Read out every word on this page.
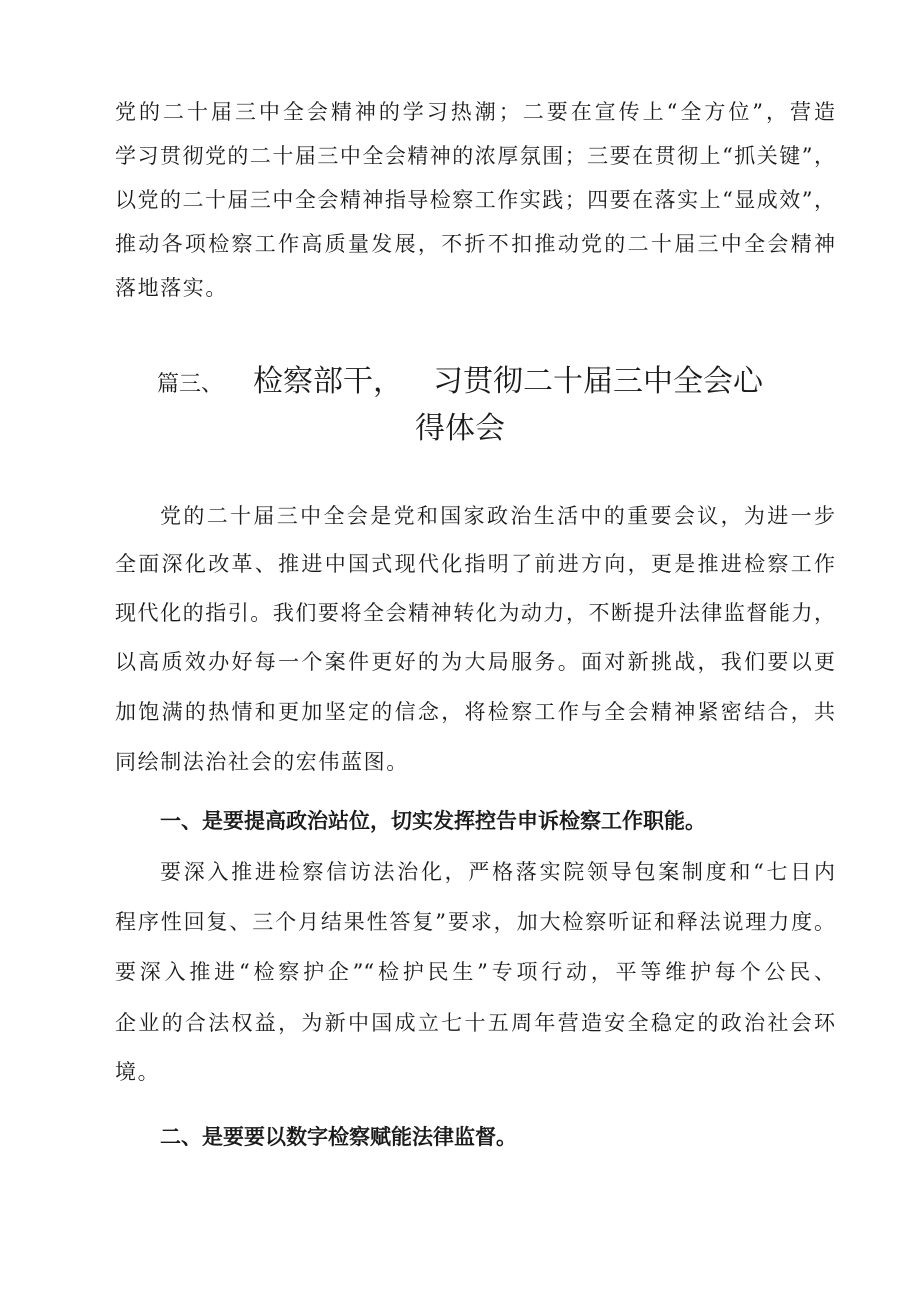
党的二十届三中全会精神的学习热潮；二要在宣传上“全方位”，营造
学习贯彻党的二十届三中全会精神的浓厚氛围；三要在贯彻上“抓关键”，
以党的二十届三中全会精神指导检察工作实践；四要在落实上“显成效”，
推动各项检察工作高质量发展，不折不扣推动党的二十届三中全会精神
落地落实。
篇三、 检察部干， 习贯彻二十届三中全会心
得体会
党的二十届三中全会是党和国家政治生活中的重要会议，为进一步
全面深化改革、推进中国式现代化指明了前进方向，更是推进检察工作
现代化的指引。我们要将全会精神转化为动力，不断提升法律监督能力，
以高质效办好每一个案件更好的为大局服务。面对新挑战，我们要以更
加饱满的热情和更加坚定的信念，将检察工作与全会精神紧密结合，共
同绘制法治社会的宏伟蓝图。
一、是要提高政治站位，切实发挥控告申诉检察工作职能。
要深入推进检察信访法治化，严格落实院领导包案制度和“七日内
程序性回复、三个月结果性答复”要求，加大检察听证和释法说理力度。
要深入推进“检察护企”“检护民生”专项行动，平等维护每个公民、
企业的合法权益，为新中国成立七十五周年营造安全稳定的政治社会环
境。
二、是要要以数字检察赋能法律监督。
